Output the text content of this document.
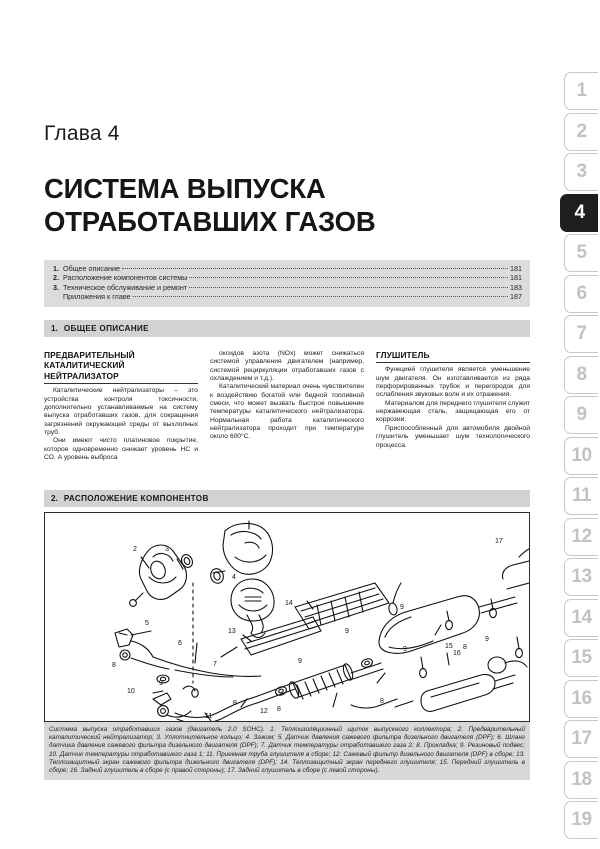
Глава 4
СИСТЕМА ВЫПУСКА
ОТРАБОТАВШИХ ГАЗОВ
1. Общее описание	181
2. Расположение компонентов системы	181
3. Техническое обслуживание и ремонт	183
Приложения к главе	187
1. ОБЩЕЕ ОПИСАНИЕ
ПРЕДВАРИТЕЛЬНЫЙ КАТАЛИТИЧЕСКИЙ НЕЙТРАЛИЗАТОР

Каталитические нейтрализаторы – это устройства контроля токсичности, дополнительно устанавливаемые на систему выпуска отработавших газов, для сокращения загрязнений окружающей среды от выхлопных труб.

Они имеют чисто платиновое покрытие, которое одновременно снижает уровень НС и СО. А уровень выброса

оксидов азота (NOx) может снижаться системой управления двигателем (например, системой рециркуляции отработавших газов с охлаждением и т.д.).

Каталитический материал очень чувствителен к воздействию богатой или бедной топливной смеси, что может вызвать быстрое повышение температуры каталитического нейтрализатора. Нормальная работа каталитического нейтрализатора проходит при температуре около 600°С.

ГЛУШИТЕЛЬ

Функцией глушителя является уменьшение шум двигателя. Он изготавливается из ряда перфорированных трубок и перегородок для ослабления звуковых волн и их отражения.

Материалом для переднего глушителя служит нержавеющая сталь, защищающая его от коррозии.

Приспособленный для автомобиля двойной глушитель уменьшает шум технологического процесса.

2. РАСПОЛОЖЕНИЕ КОМПОНЕНТОВ
2	3
4
5
6
7
8
9
10
11
12
13
14
15
16
17
8
8
9
9
9
8
9
9
8
Система выпуска отработавших газов (двигатель 2.0 SOHC). 1. Теплоизоляционный щиток выпускного коллектора; 2. Предварительный каталитический нейтрализатор; 3. Уплотнительное кольцо; 4. Зажим; 5. Датчик давления сажевого фильтра дизельного двигателя (DPF); 6. Шланг датчика давления сажевого фильтра дизельного двигателя (DPF); 7. Датчик температуры отработавшего газа 2; 8. Прокладка; 9. Резиновый подвес; 10. Датчик температуры отработавшего газа 1; 11. Приемная труба глушителя в сборе; 12. Сажевый фильтр дизельного двигателя (DPF) в сборе; 13. Теплозащитный экран сажевого фильтра дизельного двигателя (DPF); 14. Теплозащитный экран переднего глушителя; 15. Передний глушитель в сборе; 16. Задний глушитель в сборе (с правой стороны); 17. Задний глушитель в сборе (с левой стороны).
1
2
3
4
5
6
7
8
9
10
11
12
13
14
15
16
17
18
19
